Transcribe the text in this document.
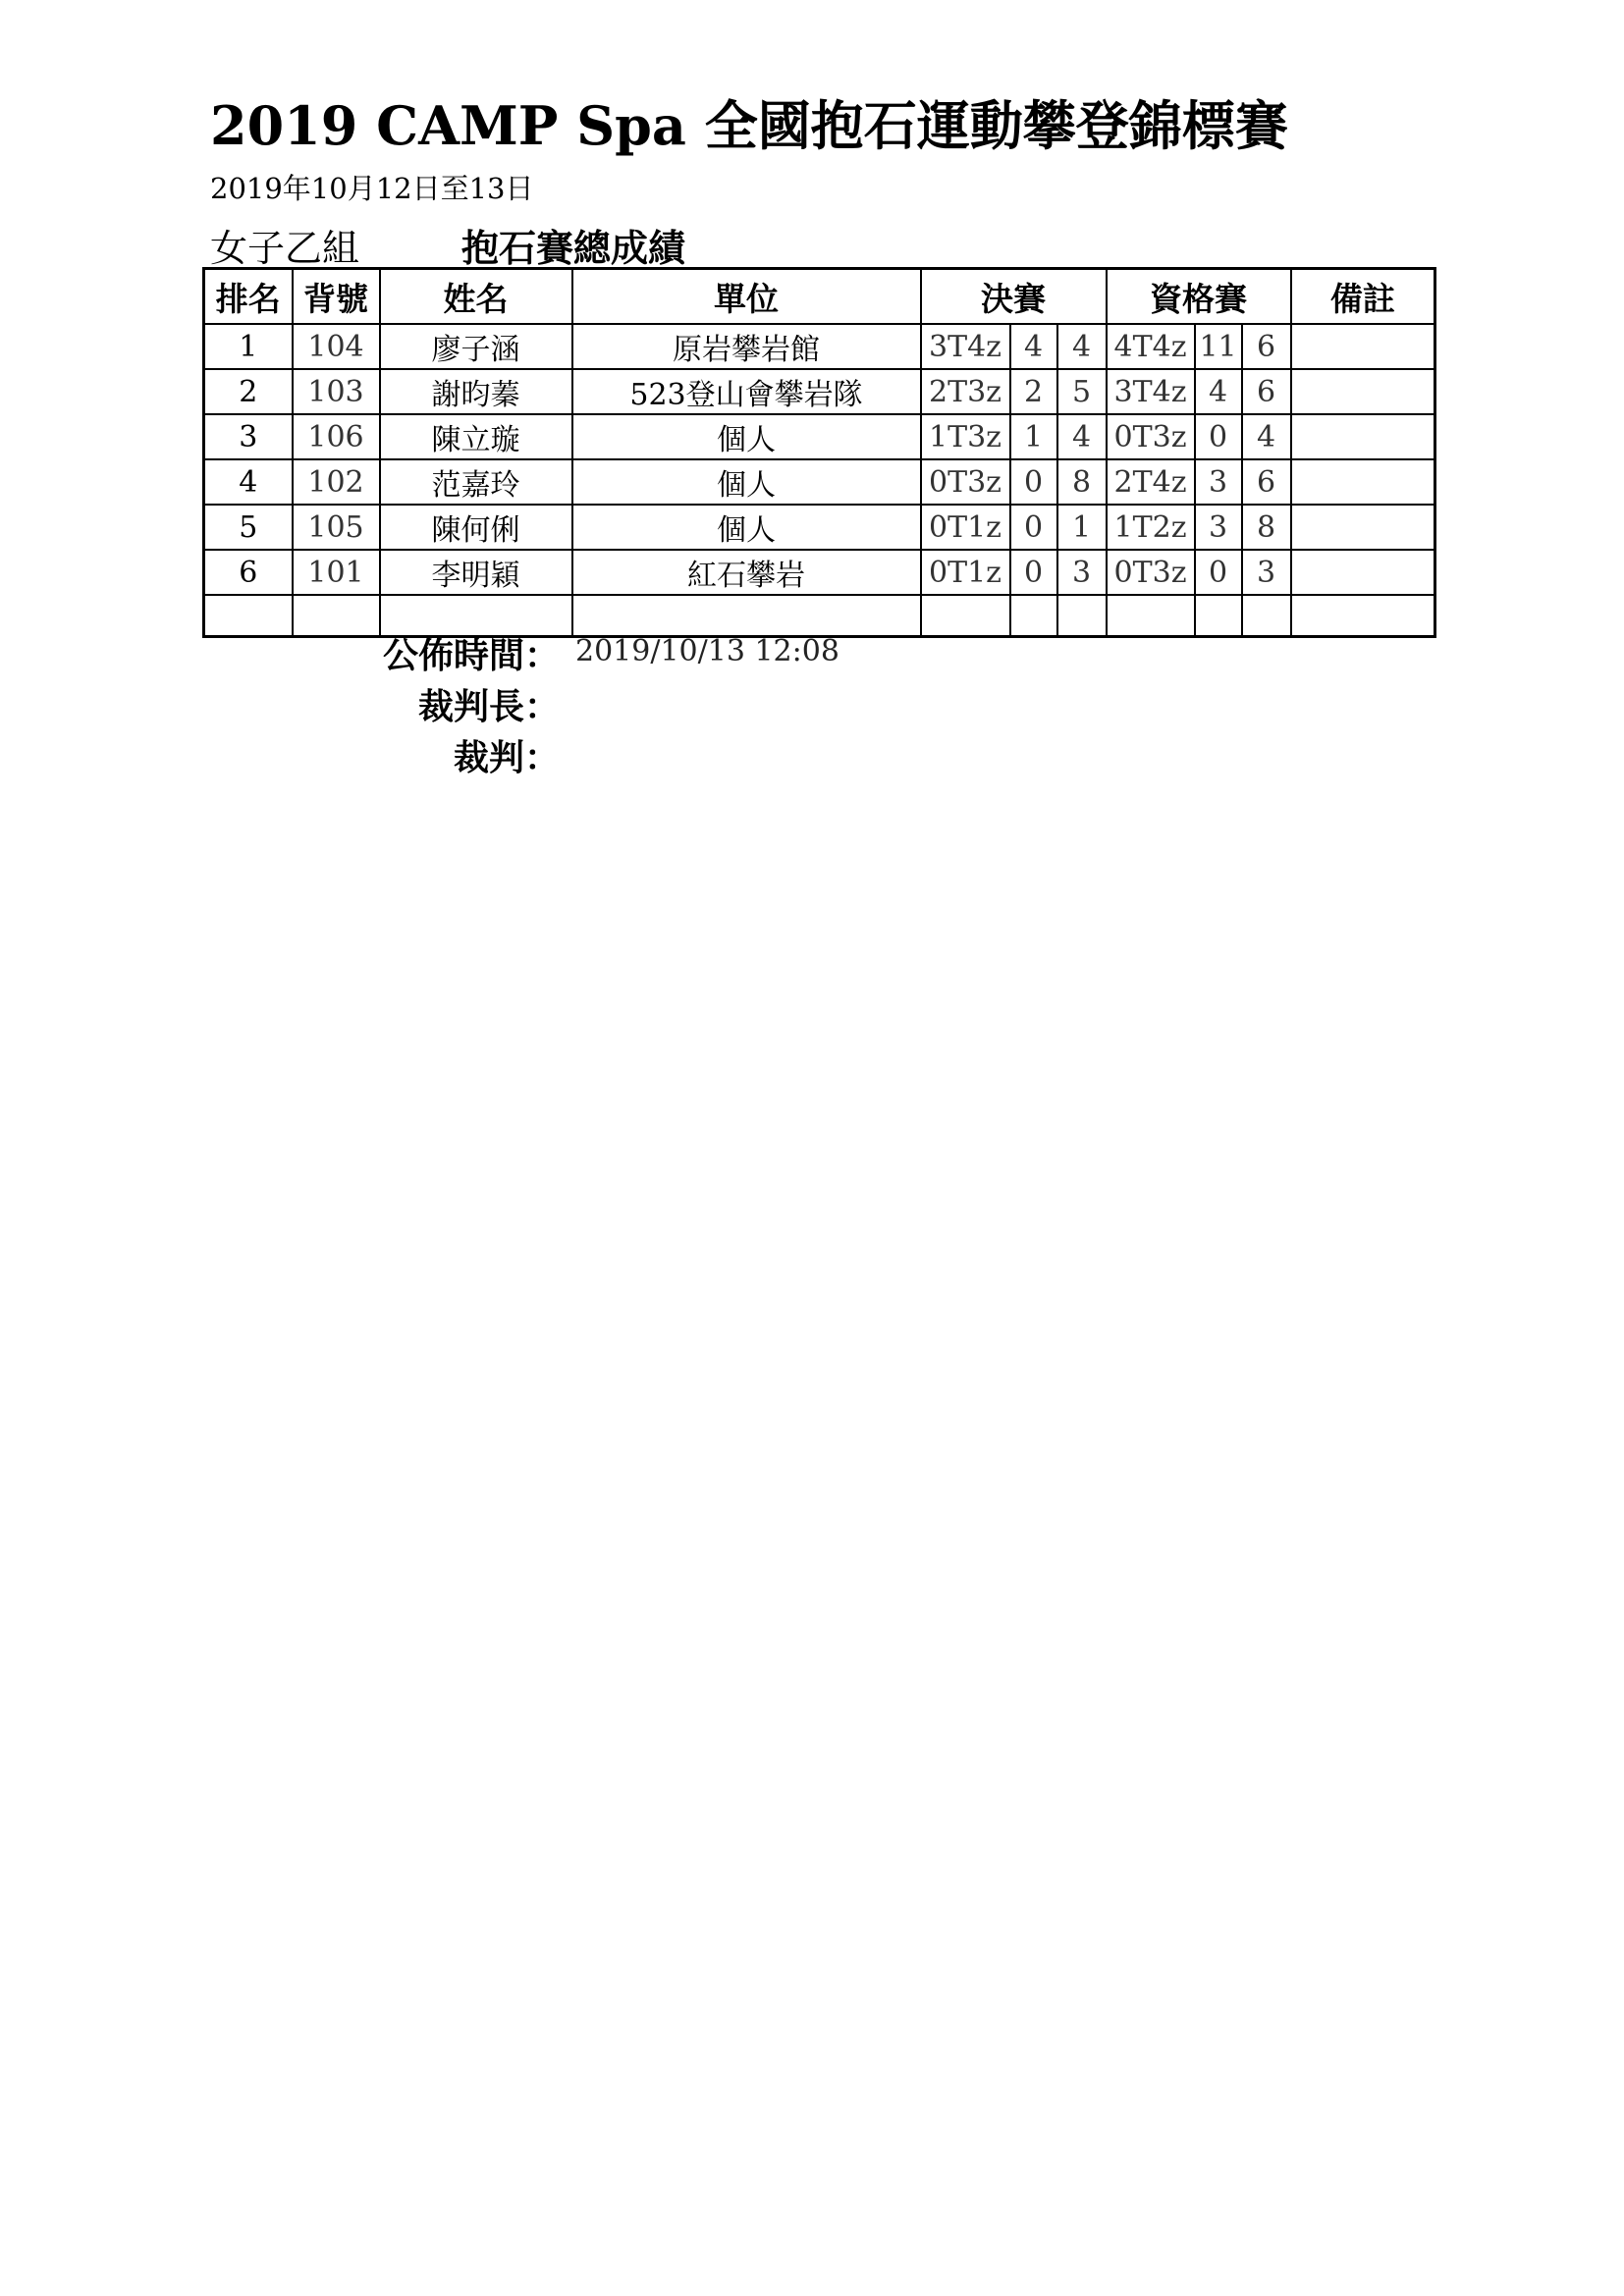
2019 CAMP Spa 全國抱石運動攀登錦標賽
2019年10月12日至13日
女子乙組	抱石賽總成績
排名	背號	姓名	單位	決賽			資格賽			備註
1	104	廖子涵	原岩攀岩館	3T4z	4	4	4T4z	11	6	
2	103	謝昀蓁	523登山會攀岩隊	2T3z	2	5	3T4z	4	6	
3	106	陳立璇	個人	1T3z	1	4	0T3z	0	4	
4	102	范嘉玲	個人	0T3z	0	8	2T4z	3	6	
5	105	陳何俐	個人	0T1z	0	1	1T2z	3	8	
6	101	李明穎	紅石攀岩	0T1z	0	3	0T3z	0	3	

公佈時間： 2019/10/13 12:08
裁判長：
裁判：
